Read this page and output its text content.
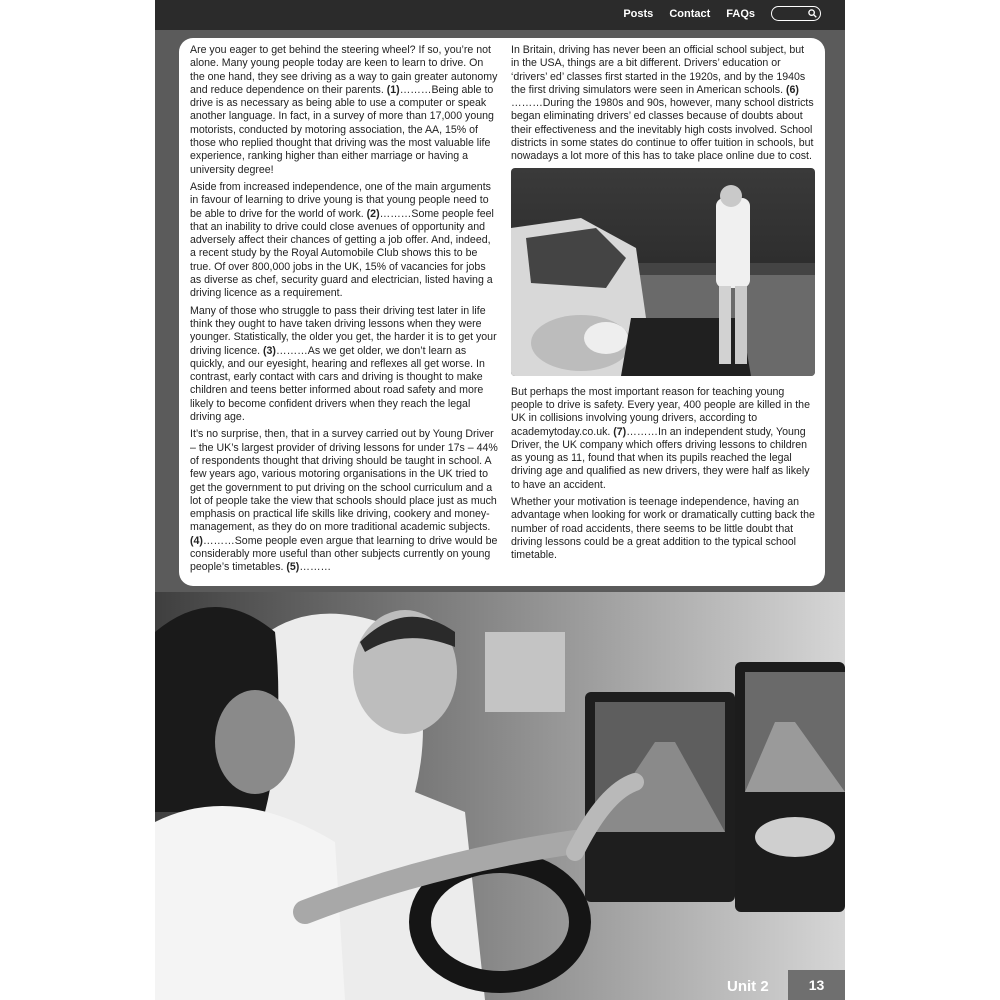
Posts Contact FAQs

Are you eager to get behind the steering wheel? If so, you’re not alone. Many young people today are keen to learn to drive. On the one hand, they see driving as a way to gain greater autonomy and reduce dependence on their parents. (1)………Being able to drive is as necessary as being able to use a computer or speak another language. In fact, in a survey of more than 17,000 young motorists, conducted by motoring association, the AA, 15% of those who replied thought that driving was the most valuable life experience, ranking higher than either marriage or having a university degree!

Aside from increased independence, one of the main arguments in favour of learning to drive young is that young people need to be able to drive for the world of work. (2)………Some people feel that an inability to drive could close avenues of opportunity and adversely affect their chances of getting a job offer. And, indeed, a recent study by the Royal Automobile Club shows this to be true. Of over 800,000 jobs in the UK, 15% of vacancies for jobs as diverse as chef, security guard and electrician, listed having a driving licence as a requirement.

Many of those who struggle to pass their driving test later in life think they ought to have taken driving lessons when they were younger. Statistically, the older you get, the harder it is to get your driving licence. (3)………As we get older, we don’t learn as quickly, and our eyesight, hearing and reflexes all get worse. In contrast, early contact with cars and driving is thought to make children and teens better informed about road safety and more likely to become confident drivers when they reach the legal driving age.

It’s no surprise, then, that in a survey carried out by Young Driver – the UK’s largest provider of driving lessons for under 17s – 44% of respondents thought that driving should be taught in school. A few years ago, various motoring organisations in the UK tried to get the government to put driving on the school curriculum and a lot of people take the view that schools should place just as much emphasis on practical life skills like driving, cookery and money-management, as they do on more traditional academic subjects. (4)………Some people even argue that learning to drive would be considerably more useful than other subjects currently on young people’s timetables. (5)………

In Britain, driving has never been an official school subject, but in the USA, things are a bit different. Drivers’ education or ‘drivers’ ed’ classes first started in the 1920s, and by the 1940s the first driving simulators were seen in American schools. (6)………During the 1980s and 90s, however, many school districts began eliminating drivers’ ed classes because of doubts about their effectiveness and the inevitably high costs involved. School districts in some states do continue to offer tuition in schools, but nowadays a lot more of this has to take place online due to cost.

But perhaps the most important reason for teaching young people to drive is safety. Every year, 400 people are killed in the UK in collisions involving young drivers, according to academytoday.co.uk. (7)………In an independent study, Young Driver, the UK company which offers driving lessons to children as young as 11, found that when its pupils reached the legal driving age and qualified as new drivers, they were half as likely to have an accident.

Whether your motivation is teenage independence, having an advantage when looking for work or dramatically cutting back the number of road accidents, there seems to be little doubt that driving lessons could be a great addition to the typical school timetable.

Unit 2	13
